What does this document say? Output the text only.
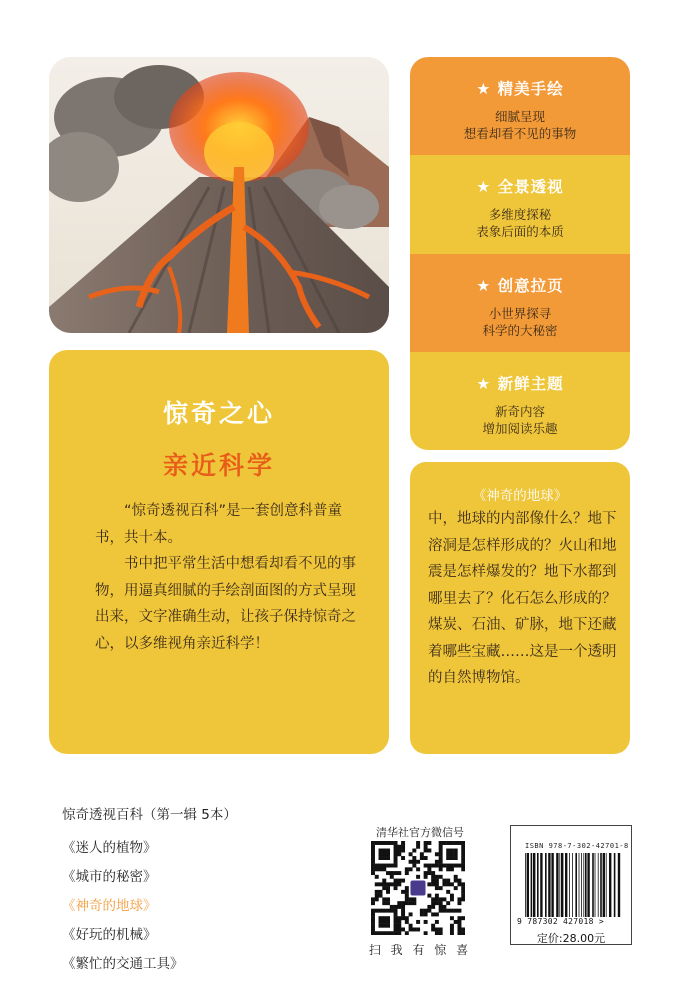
★ 精美手绘
细腻呈现
想看却看不见的事物
★ 全景透视
多维度探秘
表象后面的本质
★ 创意拉页
小世界探寻
科学的大秘密
★ 新鲜主题
新奇内容
增加阅读乐趣
惊奇之心
亲近科学

“惊奇透视百科”是一套创意科普童书，共十本。

书中把平常生活中想看却看不见的事物，用逼真细腻的手绘剖面图的方式呈现出来，文字准确生动，让孩子保持惊奇之心，以多维视角亲近科学！

《神奇的地球》
中，地球的内部像什么？地下溶洞是怎样形成的？火山和地震是怎样爆发的？地下水都到哪里去了？化石怎么形成的？煤炭、石油、矿脉，地下还藏着哪些宝藏……这是一个透明的自然博物馆。
惊奇透视百科（第一辑 5本）
《迷人的植物》
《城市的秘密》
《神奇的地球》
《好玩的机械》
《繁忙的交通工具》
清华社官方微信号
扫 我 有 惊 喜
ISBN 978-7-302-42701-8
9 787302 427018 >
定价:28.00元
